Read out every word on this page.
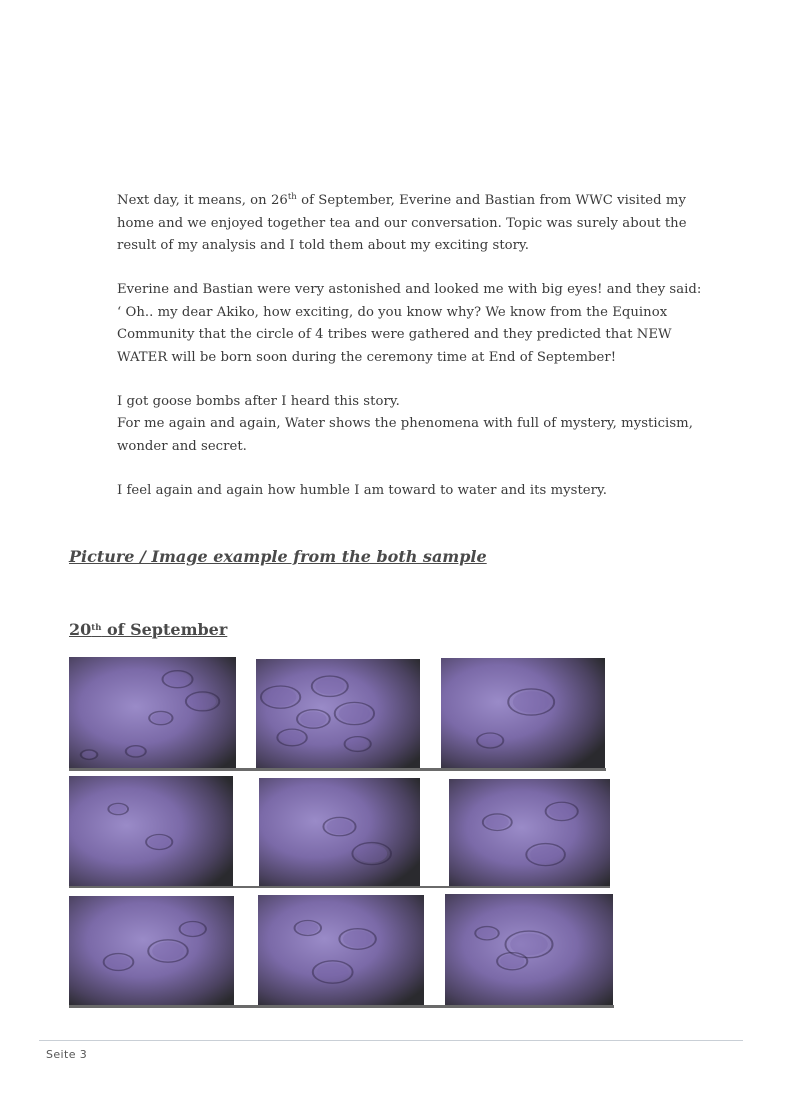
Next day, it means, on 26th of September, Everine and Bastian from WWC visited my
home and we enjoyed together tea and our conversation. Topic was surely about the
result of my analysis and I told them about my exciting story.

Everine and Bastian were very astonished and looked me with big eyes! and they said:
‘ Oh.. my dear Akiko, how exciting, do you know why? We know from the Equinox
Community that the circle of 4 tribes were gathered and they predicted that NEW
WATER will be born soon during the ceremony time at End of September!

I got goose bombs after I heard this story.
For me again and again, Water shows the phenomena with full of mystery, mysticism,
wonder and secret.

I feel again and again how humble I am toward to water and its mystery.

Picture / Image example from the both sample
20th of September
Seite 3
